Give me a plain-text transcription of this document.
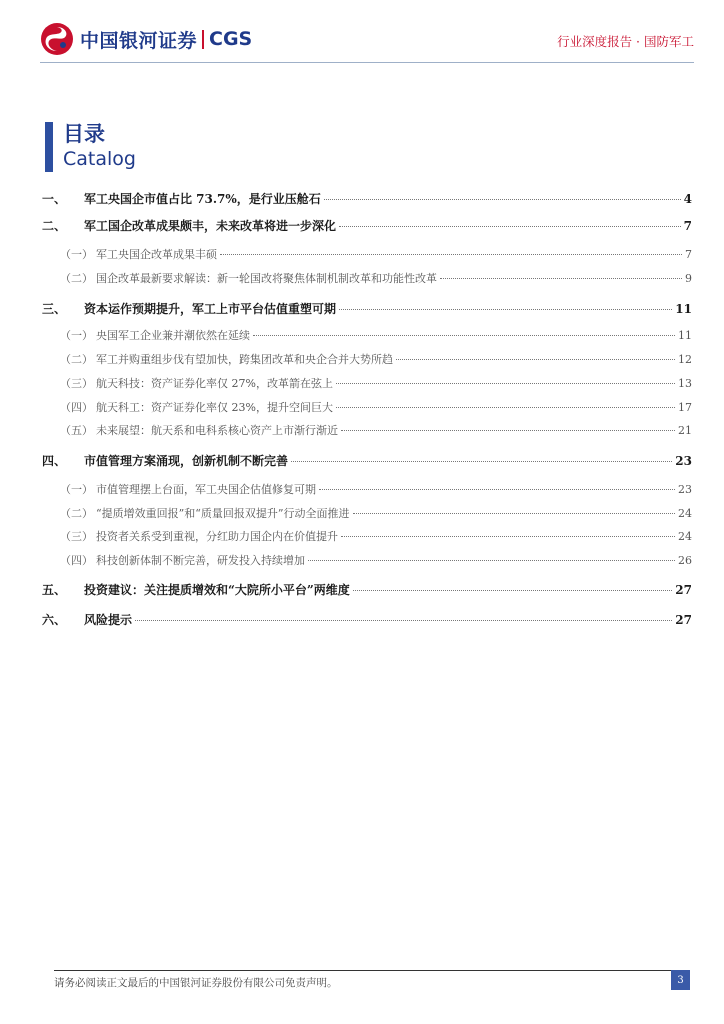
中国银河证券 CGS	行业深度报告 · 国防军工
目录
Catalog
一、	军工央国企市值占比 73.7%，是行业压舱石	4
二、	军工国企改革成果颇丰，未来改革将进一步深化	7
（一） 军工央国企改革成果丰硕	7
（二） 国企改革最新要求解读：新一轮国改将聚焦体制机制改革和功能性改革	9
三、	资本运作预期提升，军工上市平台估值重塑可期	11
（一） 央国军工企业兼并潮依然在延续	11
（二） 军工并购重组步伐有望加快，跨集团改革和央企合并大势所趋	12
（三） 航天科技：资产证券化率仅 27%，改革箭在弦上	13
（四） 航天科工：资产证券化率仅 23%，提升空间巨大	17
（五） 未来展望：航天系和电科系核心资产上市渐行渐近	21
四、	市值管理方案涌现，创新机制不断完善	23
（一） 市值管理摆上台面，军工央国企估值修复可期	23
（二） “提质增效重回报”和“质量回报双提升”行动全面推进	24
（三） 投资者关系受到重视，分红助力国企内在价值提升	24
（四） 科技创新体制不断完善，研发投入持续增加	26
五、	投资建议：关注提质增效和“大院所小平台”两维度	27
六、	风险提示	27
请务必阅读正文最后的中国银河证券股份有限公司免责声明。	3
